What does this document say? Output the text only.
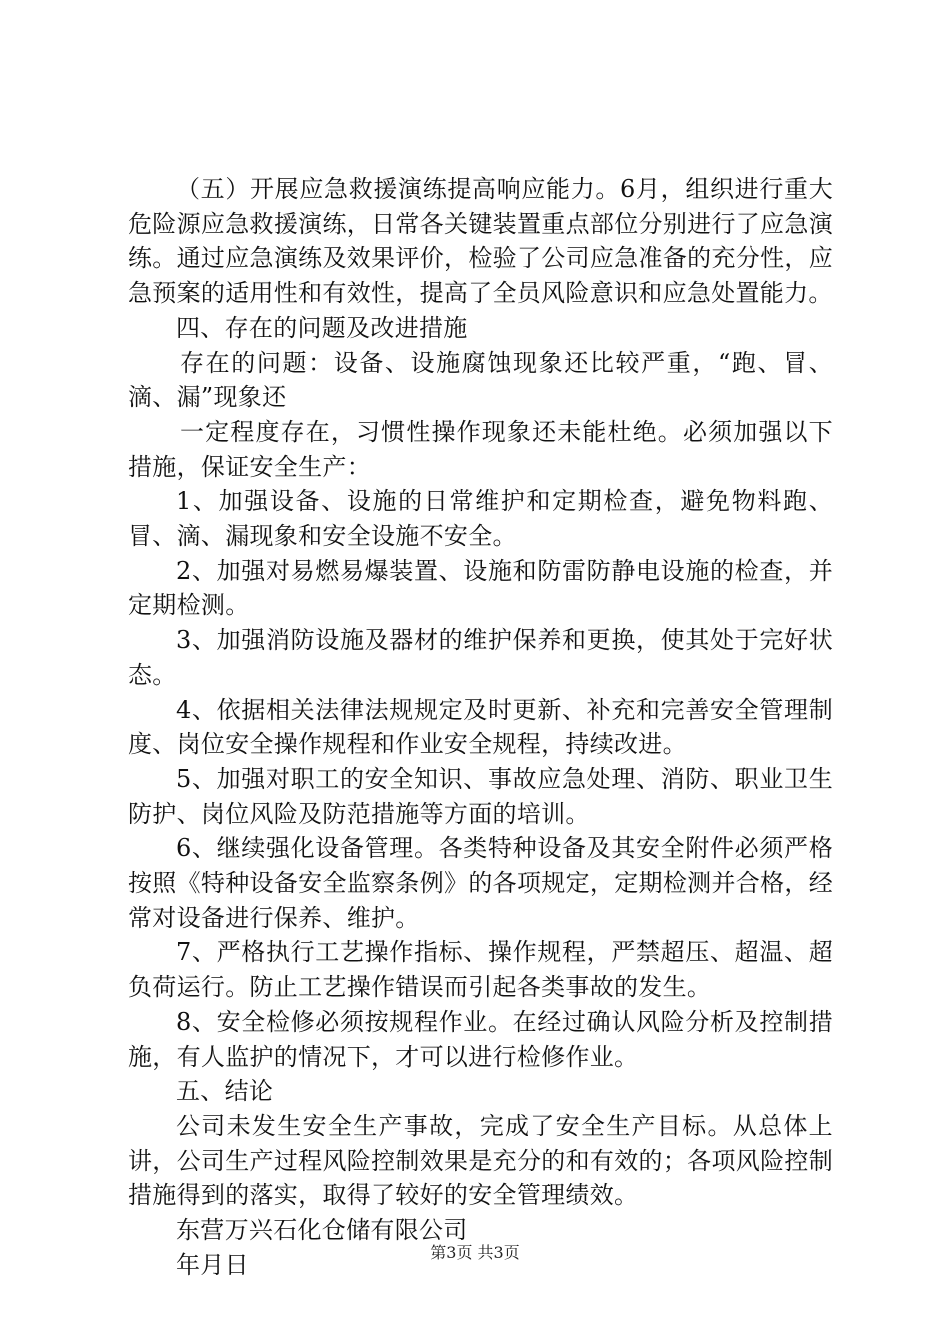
（五）开展应急救援演练提高响应能力。6月，组织进行重大危险源应急救援演练，日常各关键装置重点部位分别进行了应急演练。通过应急演练及效果评价，检验了公司应急准备的充分性，应急预案的适用性和有效性，提高了全员风险意识和应急处置能力。

四、存在的问题及改进措施

存在的问题：设备、设施腐蚀现象还比较严重，“跑、冒、滴、漏”现象还

一定程度存在，习惯性操作现象还未能杜绝。必须加强以下措施，保证安全生产：

1、加强设备、设施的日常维护和定期检查，避免物料跑、冒、滴、漏现象和安全设施不安全。

2、加强对易燃易爆装置、设施和防雷防静电设施的检查，并定期检测。

3、加强消防设施及器材的维护保养和更换，使其处于完好状态。

4、依据相关法律法规规定及时更新、补充和完善安全管理制度、岗位安全操作规程和作业安全规程，持续改进。

5、加强对职工的安全知识、事故应急处理、消防、职业卫生防护、岗位风险及防范措施等方面的培训。

6、继续强化设备管理。各类特种设备及其安全附件必须严格按照《特种设备安全监察条例》的各项规定，定期检测并合格，经常对设备进行保养、维护。

7、严格执行工艺操作指标、操作规程，严禁超压、超温、超负荷运行。防止工艺操作错误而引起各类事故的发生。

8、安全检修必须按规程作业。在经过确认风险分析及控制措施，有人监护的情况下，才可以进行检修作业。

五、结论

公司未发生安全生产事故，完成了安全生产目标。从总体上讲，公司生产过程风险控制效果是充分的和有效的；各项风险控制措施得到的落实，取得了较好的安全管理绩效。

东营万兴石化仓储有限公司

年月日	第3页 共3页
